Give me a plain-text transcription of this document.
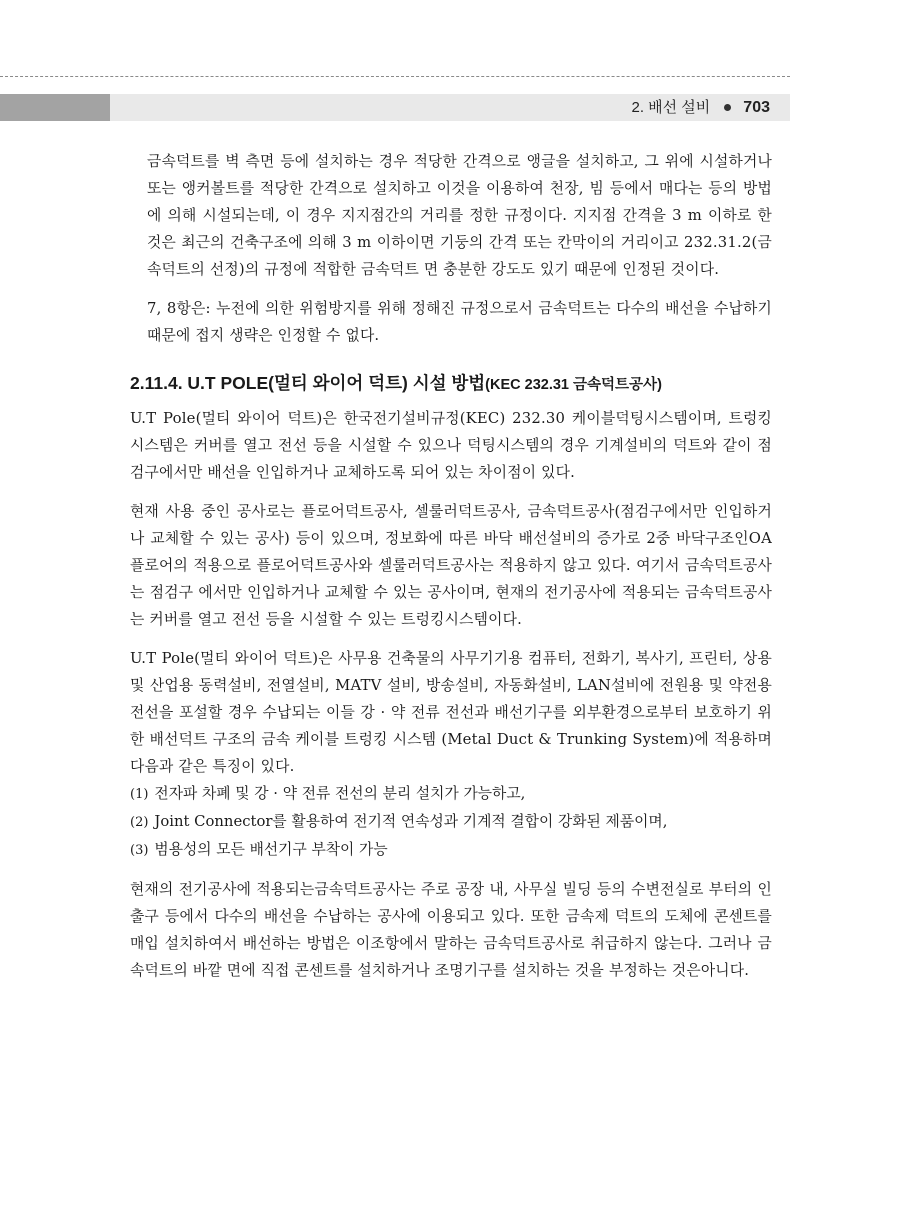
2. 배선 설비 703

금속덕트를 벽 측면 등에 설치하는 경우 적당한 간격으로 앵글을 설치하고, 그 위에 시설하거나 또는 앵커볼트를 적당한 간격으로 설치하고 이것을 이용하여 천장, 빔 등에서 매다는 등의 방법에 의해 시설되는데, 이 경우 지지점간의 거리를 정한 규정이다. 지지점 간격을 3 m 이하로 한 것은 최근의 건축구조에 의해 3 m 이하이면 기둥의 간격 또는 칸막이의 거리이고 232.31.2(금속덕트의 선정)의 규정에 적합한 금속덕트 면 충분한 강도도 있기 때문에 인정된 것이다.

7, 8항은: 누전에 의한 위험방지를 위해 정해진 규정으로서 금속덕트는 다수의 배선을 수납하기 때문에 접지 생략은 인정할 수 없다.

2.11.4. U.T POLE(멀티 와이어 덕트) 시설 방법(KEC 232.31 금속덕트공사)

U.T Pole(멀티 와이어 덕트)은 한국전기설비규정(KEC) 232.30 케이블덕팅시스템이며, 트렁킹시스템은 커버를 열고 전선 등을 시설할 수 있으나 덕팅시스템의 경우 기계설비의 덕트와 같이 점검구에서만 배선을 인입하거나 교체하도록 되어 있는 차이점이 있다.

현재 사용 중인 공사로는 플로어덕트공사, 셀룰러덕트공사, 금속덕트공사(점검구에서만 인입하거나 교체할 수 있는 공사) 등이 있으며, 정보화에 따른 바닥 배선설비의 증가로 2중 바닥구조인OA플로어의 적용으로 플로어덕트공사와 셀룰러덕트공사는 적용하지 않고 있다. 여기서 금속덕트공사는 점검구 에서만 인입하거나 교체할 수 있는 공사이며, 현재의 전기공사에 적용되는 금속덕트공사는 커버를 열고 전선 등을 시설할 수 있는 트렁킹시스템이다.

U.T Pole(멀티 와이어 덕트)은 사무용 건축물의 사무기기용 컴퓨터, 전화기, 복사기, 프린터, 상용 및 산업용 동력설비, 전열설비, MATV 설비, 방송설비, 자동화설비, LAN설비에 전원용 및 약전용 전선을 포설할 경우 수납되는 이들 강 · 약 전류 전선과 배선기구를 외부환경으로부터 보호하기 위한 배선덕트 구조의 금속 케이블 트렁킹 시스템 (Metal Duct & Trunking System)에 적용하며 다음과 같은 특징이 있다.

(1) 전자파 차폐 및 강 · 약 전류 전선의 분리 설치가 가능하고,
(2) Joint Connector를 활용하여 전기적 연속성과 기계적 결합이 강화된 제품이며,
(3) 범용성의 모든 배선기구 부착이 가능

현재의 전기공사에 적용되는금속덕트공사는 주로 공장 내, 사무실 빌딩 등의 수변전실로 부터의 인출구 등에서 다수의 배선을 수납하는 공사에 이용되고 있다. 또한 금속제 덕트의 도체에 콘센트를 매입 설치하여서 배선하는 방법은 이조항에서 말하는 금속덕트공사로 취급하지 않는다. 그러나 금속덕트의 바깥 면에 직접 콘센트를 설치하거나 조명기구를 설치하는 것을 부정하는 것은아니다.
